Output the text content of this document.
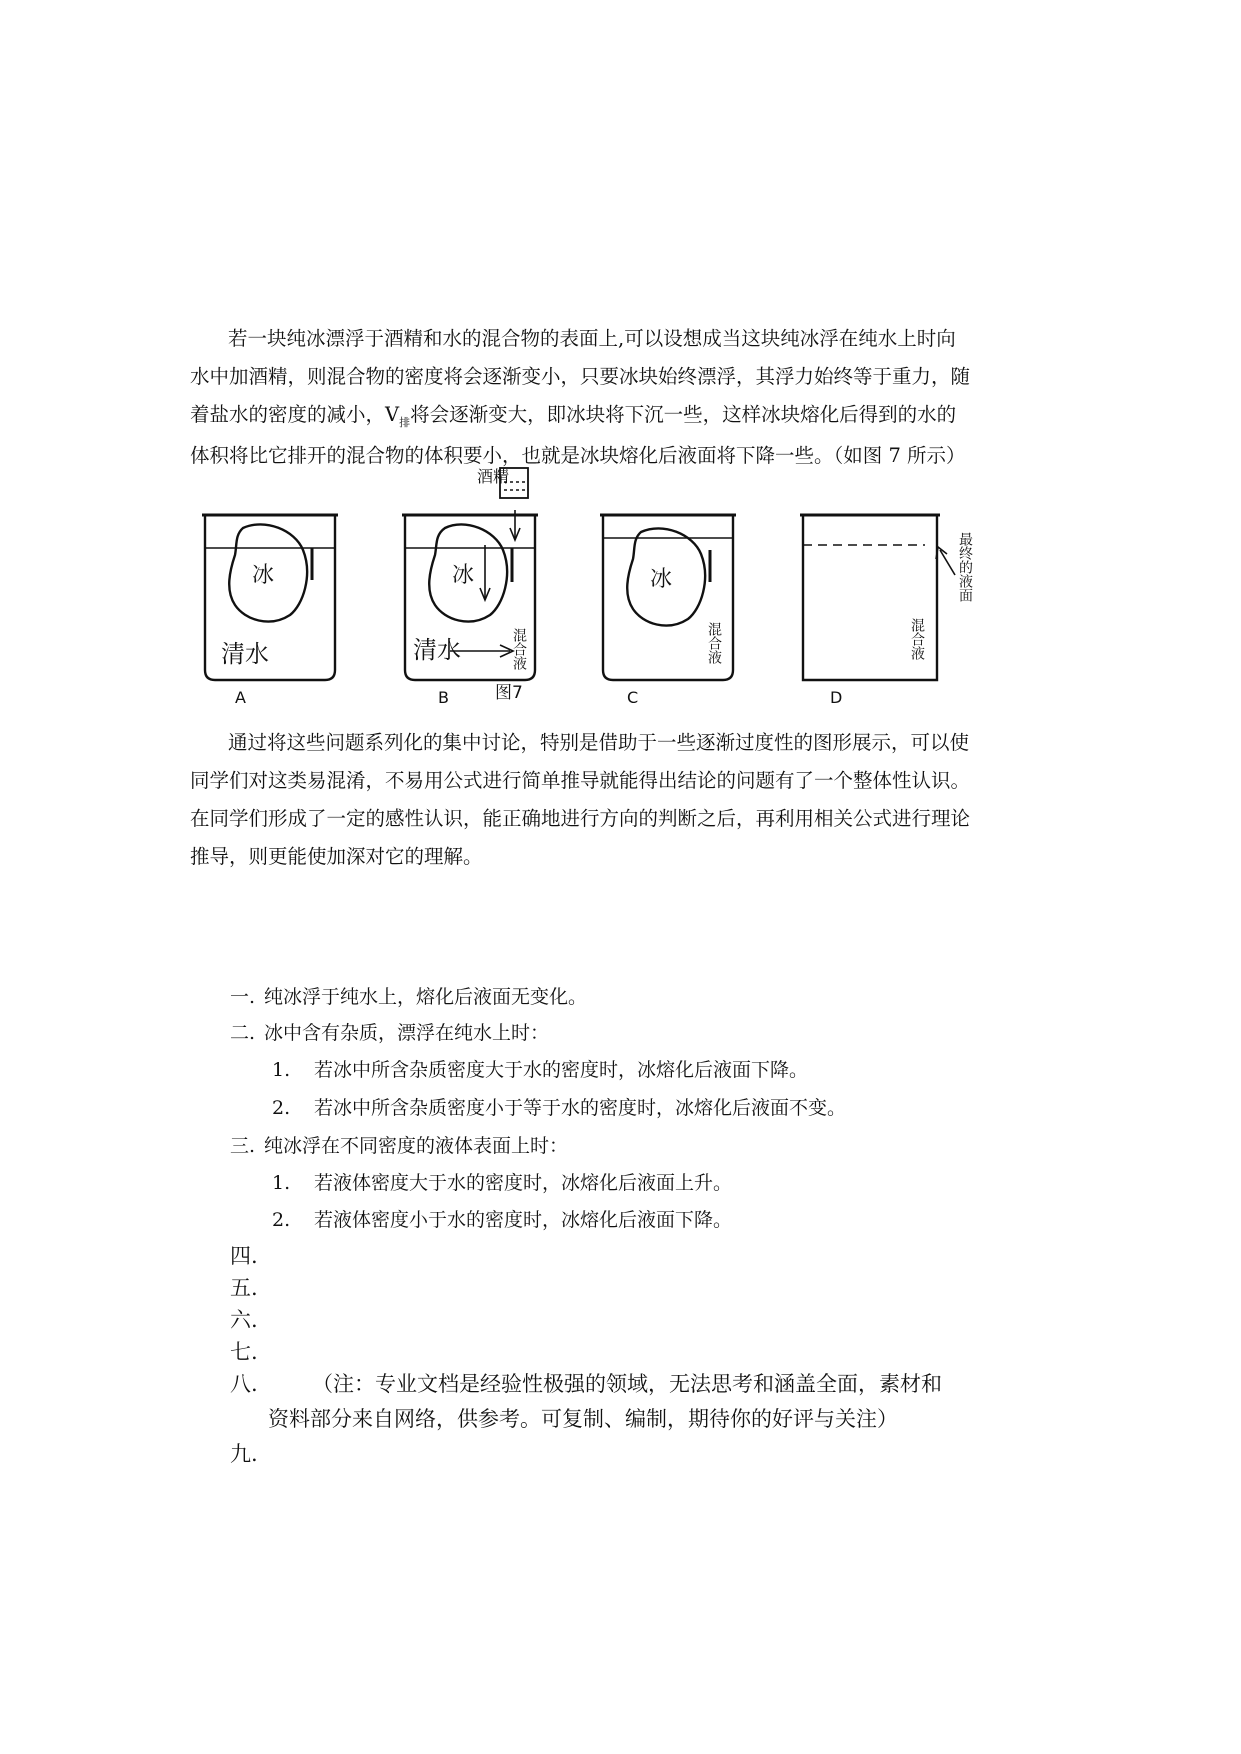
若一块纯冰漂浮于酒精和水的混合物的表面上,可以设想成当这块纯冰浮在纯水上时向
水中加酒精，则混合物的密度将会逐渐变小，只要冰块始终漂浮，其浮力始终等于重力，随
着盐水的密度的减小，$V_排$将会逐渐变大，即冰块将下沉一些，这样冰块熔化后得到的水的
体积将比它排开的混合物的体积要小，也就是冰块熔化后液面将下降一些。（如图 7 所示）
冰
清水
A
冰
清水
酒精
混合液
B	图7
冰
混合液
C
混合液
最终的液面
D
通过将这些问题系列化的集中讨论，特别是借助于一些逐渐过度性的图形展示，可以使
同学们对这类易混淆，不易用公式进行简单推导就能得出结论的问题有了一个整体性认识。
在同学们形成了一定的感性认识，能正确地进行方向的判断之后，再利用相关公式进行理论
推导，则更能使加深对它的理解。
一. 纯冰浮于纯水上，熔化后液面无变化。
二. 冰中含有杂质，漂浮在纯水上时：
1. 若冰中所含杂质密度大于水的密度时，冰熔化后液面下降。
2. 若冰中所含杂质密度小于等于水的密度时，冰熔化后液面不变。
三. 纯冰浮在不同密度的液体表面上时：
1. 若液体密度大于水的密度时，冰熔化后液面上升。
2. 若液体密度小于水的密度时，冰熔化后液面下降。
四.
五.
六.
七.
八.	（注：专业文档是经验性极强的领域，无法思考和涵盖全面，素材和
资料部分来自网络，供参考。可复制、编制，期待你的好评与关注）
九.
